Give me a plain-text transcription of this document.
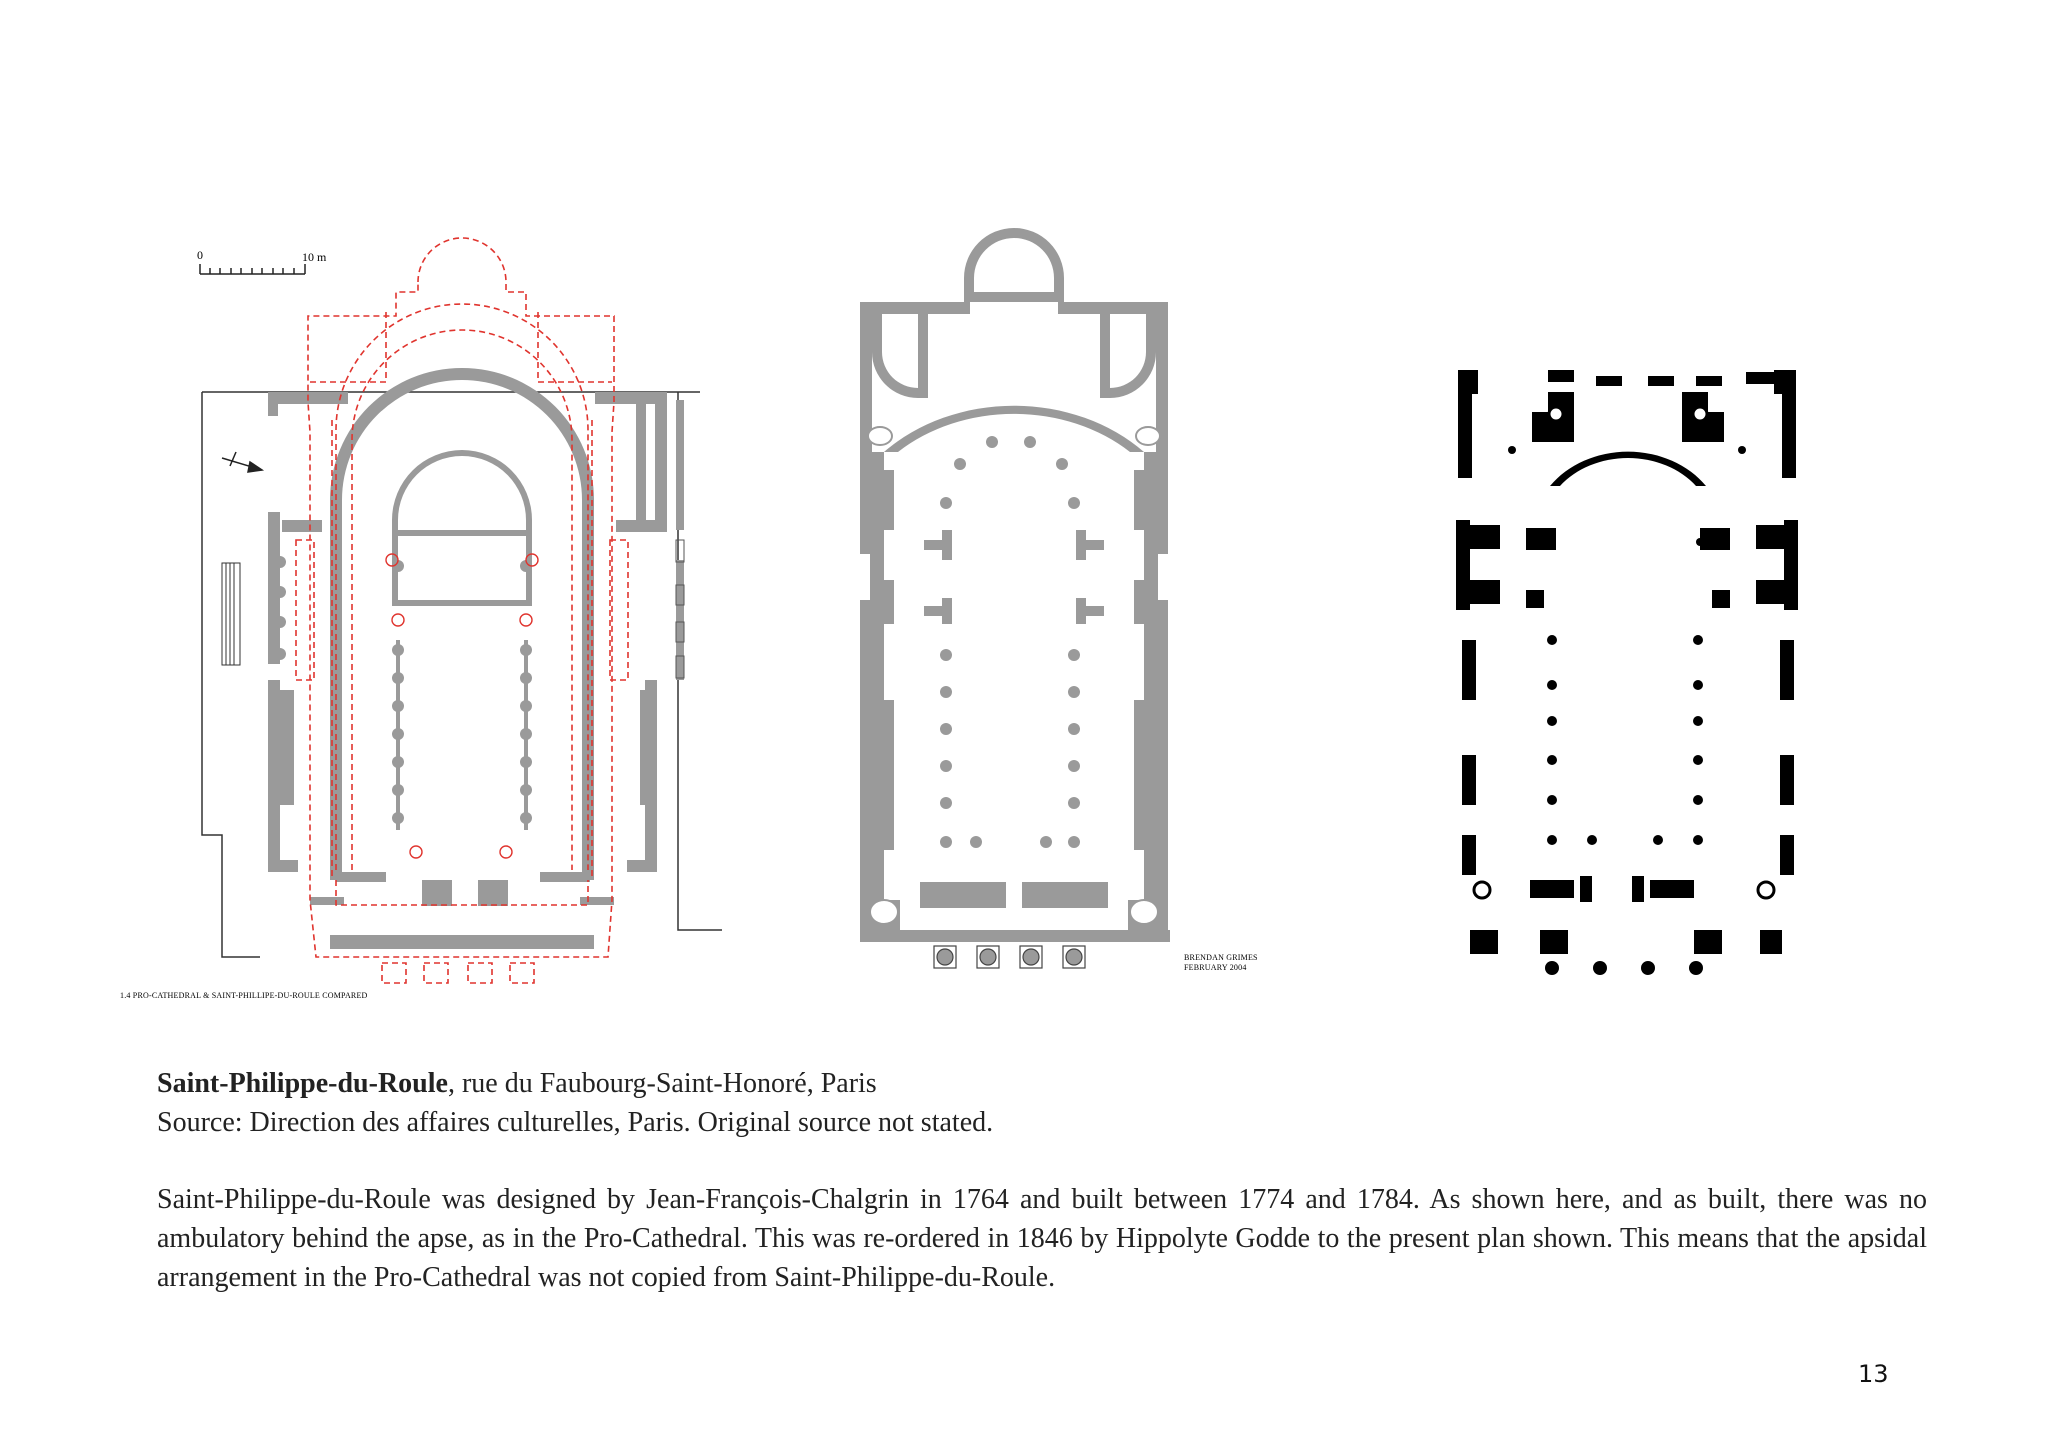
0	10 m
1.4 PRO-CATHEDRAL & SAINT-PHILLIPE-DU-ROULE COMPARED
BRENDAN GRIMES
FEBRUARY 2004
Saint-Philippe-du-Roule, rue du Faubourg-Saint-Honoré, Paris
Source: Direction des affaires culturelles, Paris. Original source not stated.
Saint-Philippe-du-Roule was designed by Jean-François-Chalgrin in 1764 and built between 1774 and 1784. As shown here, and as built, there was no ambulatory behind the apse, as in the Pro-Cathedral. This was re-ordered in 1846 by Hippolyte Godde to the present plan shown. This means that the apsidal arrangement in the Pro-Cathedral was not copied from Saint-Philippe-du-Roule.
13
